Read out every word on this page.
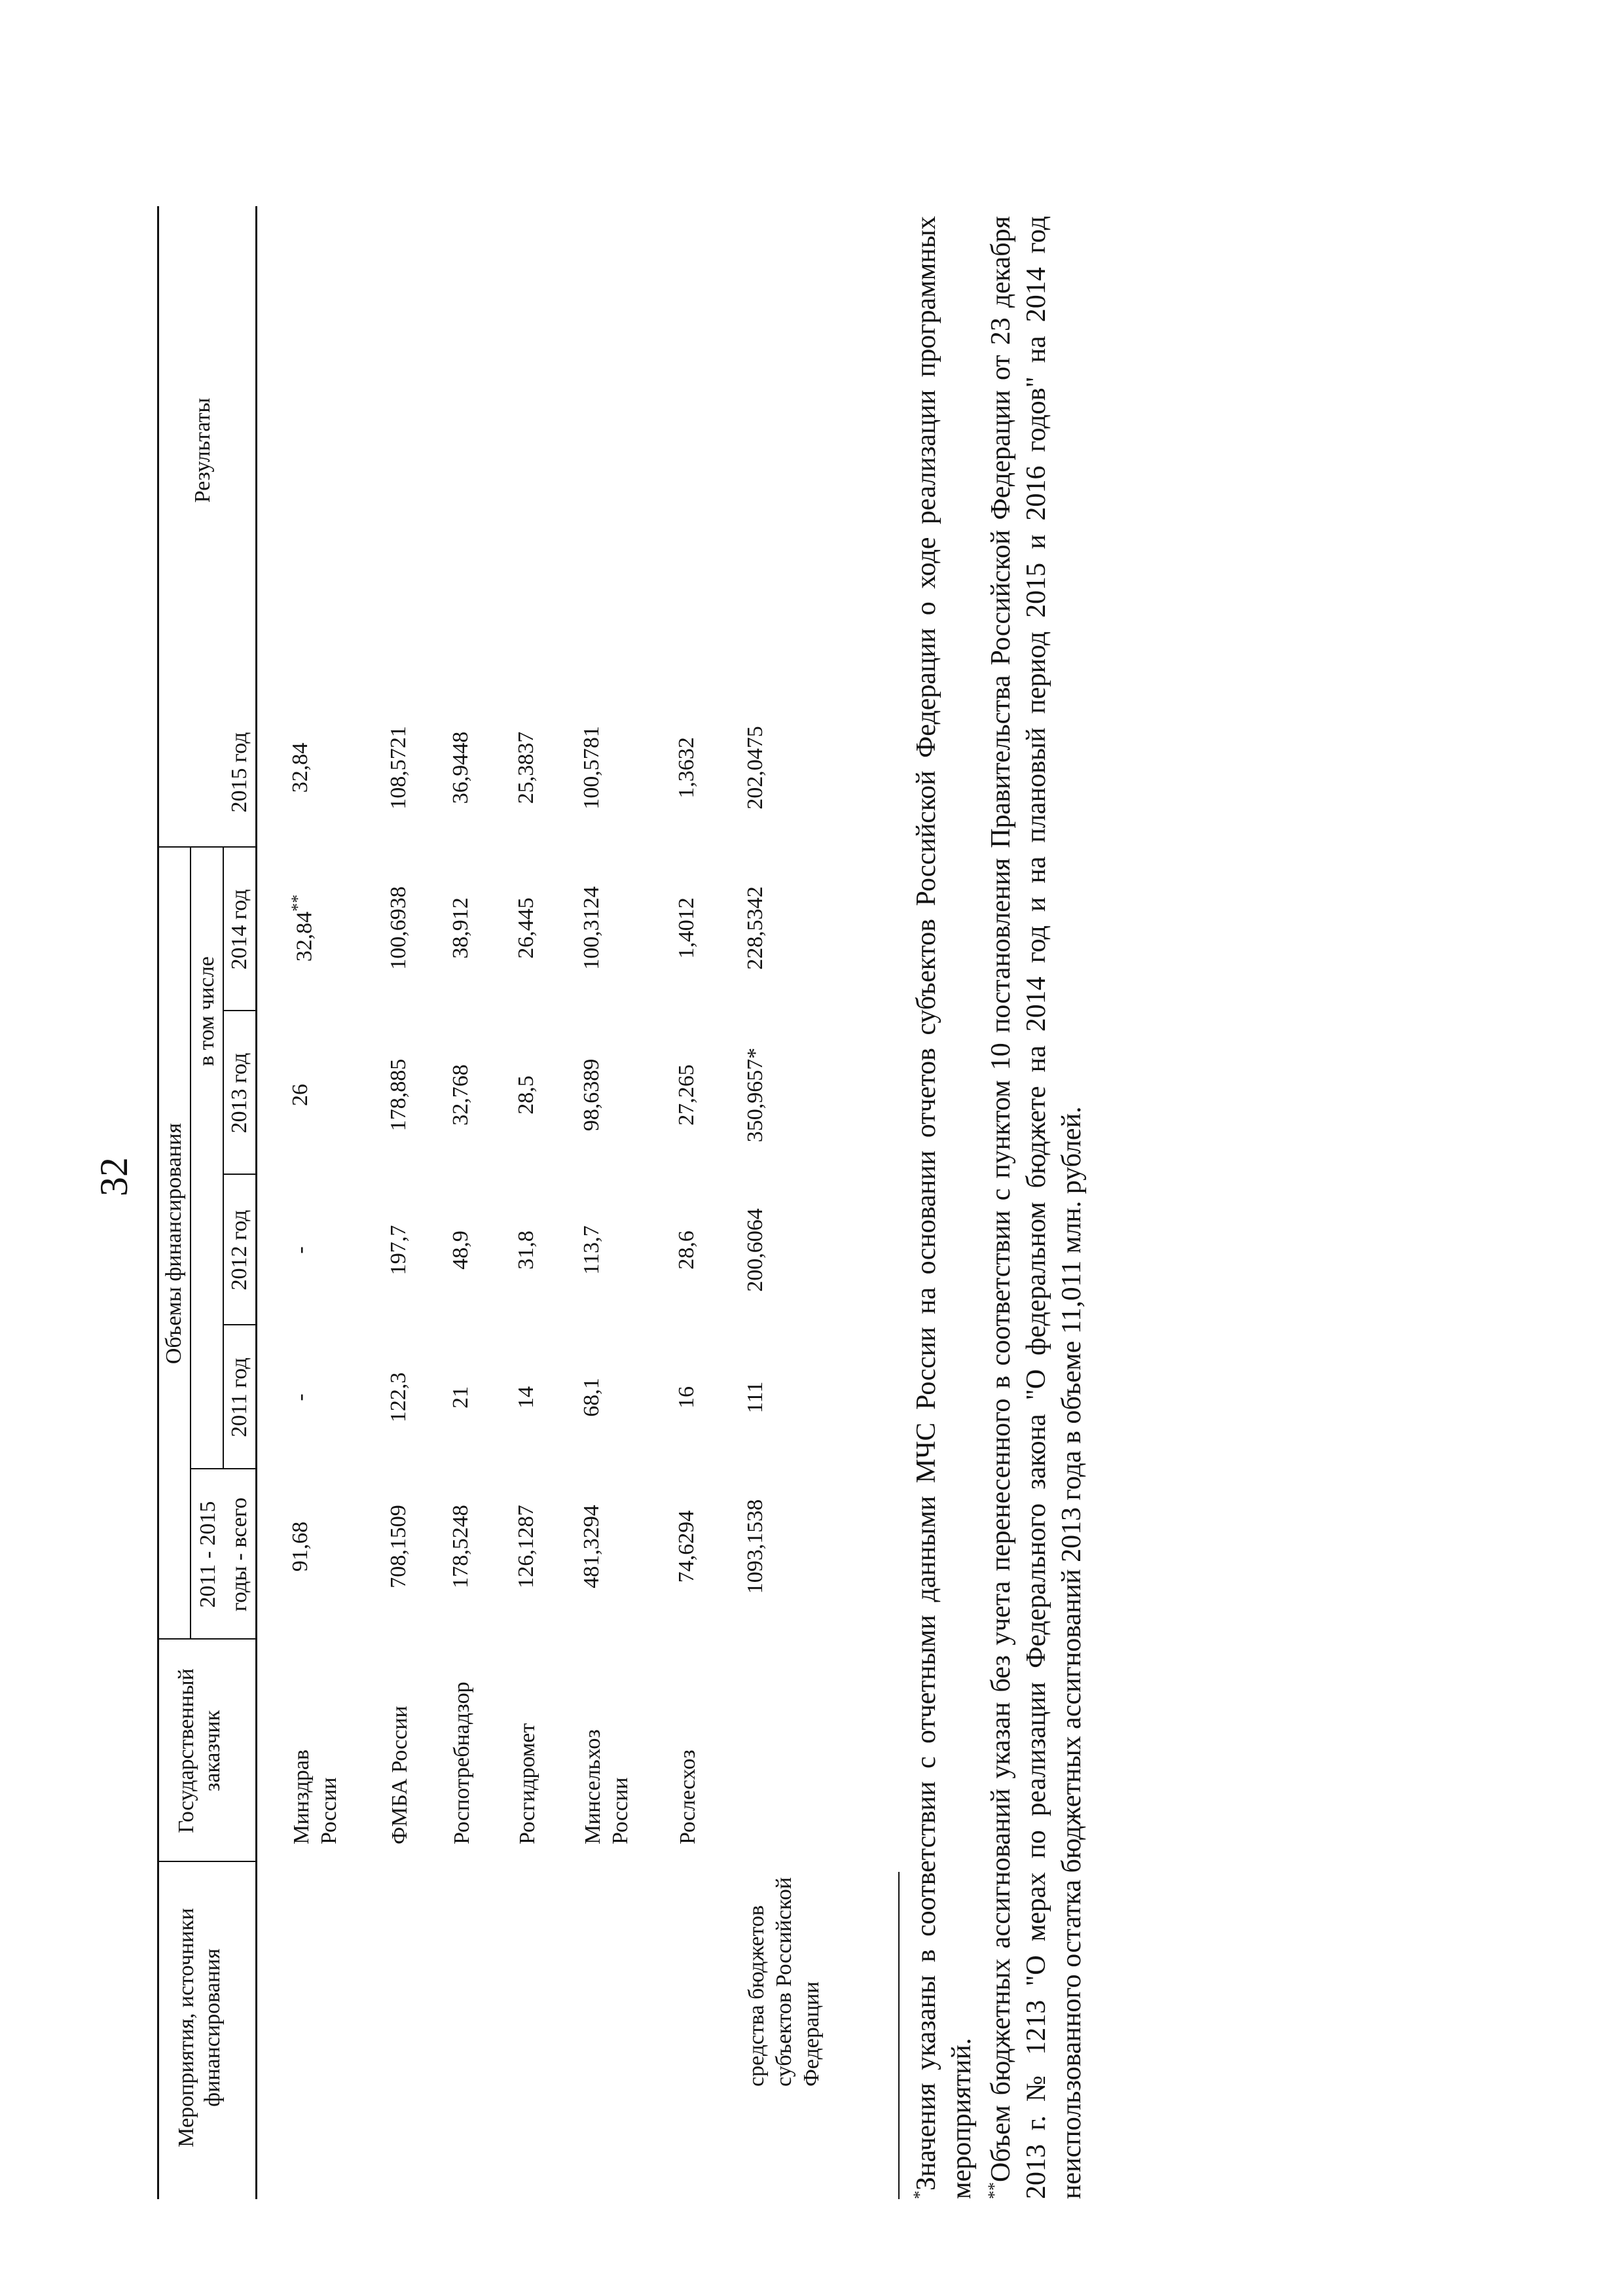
32
Мероприятия, источники финансирования
Государственный заказчик
Объемы финансирования
2011 - 2015 годы - всего
в том числе
2011 год
2012 год
2013 год
2014 год
2015 год
Результаты
Минздрав России
91,68
-
-
26
32,84**
32,84
ФМБА России
708,1509
122,3
197,7
178,885
100,6938
108,5721
Роспотребнадзор
178,5248
21
48,9
32,768
38,912
36,9448
Росгидромет
126,1287
14
31,8
28,5
26,445
25,3837
Минсельхоз России
481,3294
68,1
113,7
98,6389
100,3124
100,5781
Рослесхоз
74,6294
16
28,6
27,265
1,4012
1,3632
средства бюджетов субъектов Российской Федерации
1093,1538
111
200,6064
350,9657*
228,5342
202,0475

*Значения указаны в соответствии с отчетными данными МЧС России на основании отчетов субъектов Российской Федерации о ходе реализации программных мероприятий. **Объем бюджетных ассигнований указан без учета перенесенного в соответствии с пунктом 10 постановления Правительства Российской Федерации от 23 декабря 2013 г. № 1213 "О мерах по реализации Федерального закона "О федеральном бюджете на 2014 год и на плановый период 2015 и 2016 годов" на 2014 год неиспользованного остатка бюджетных ассигнований 2013 года в объеме 11,011 млн. рублей.
